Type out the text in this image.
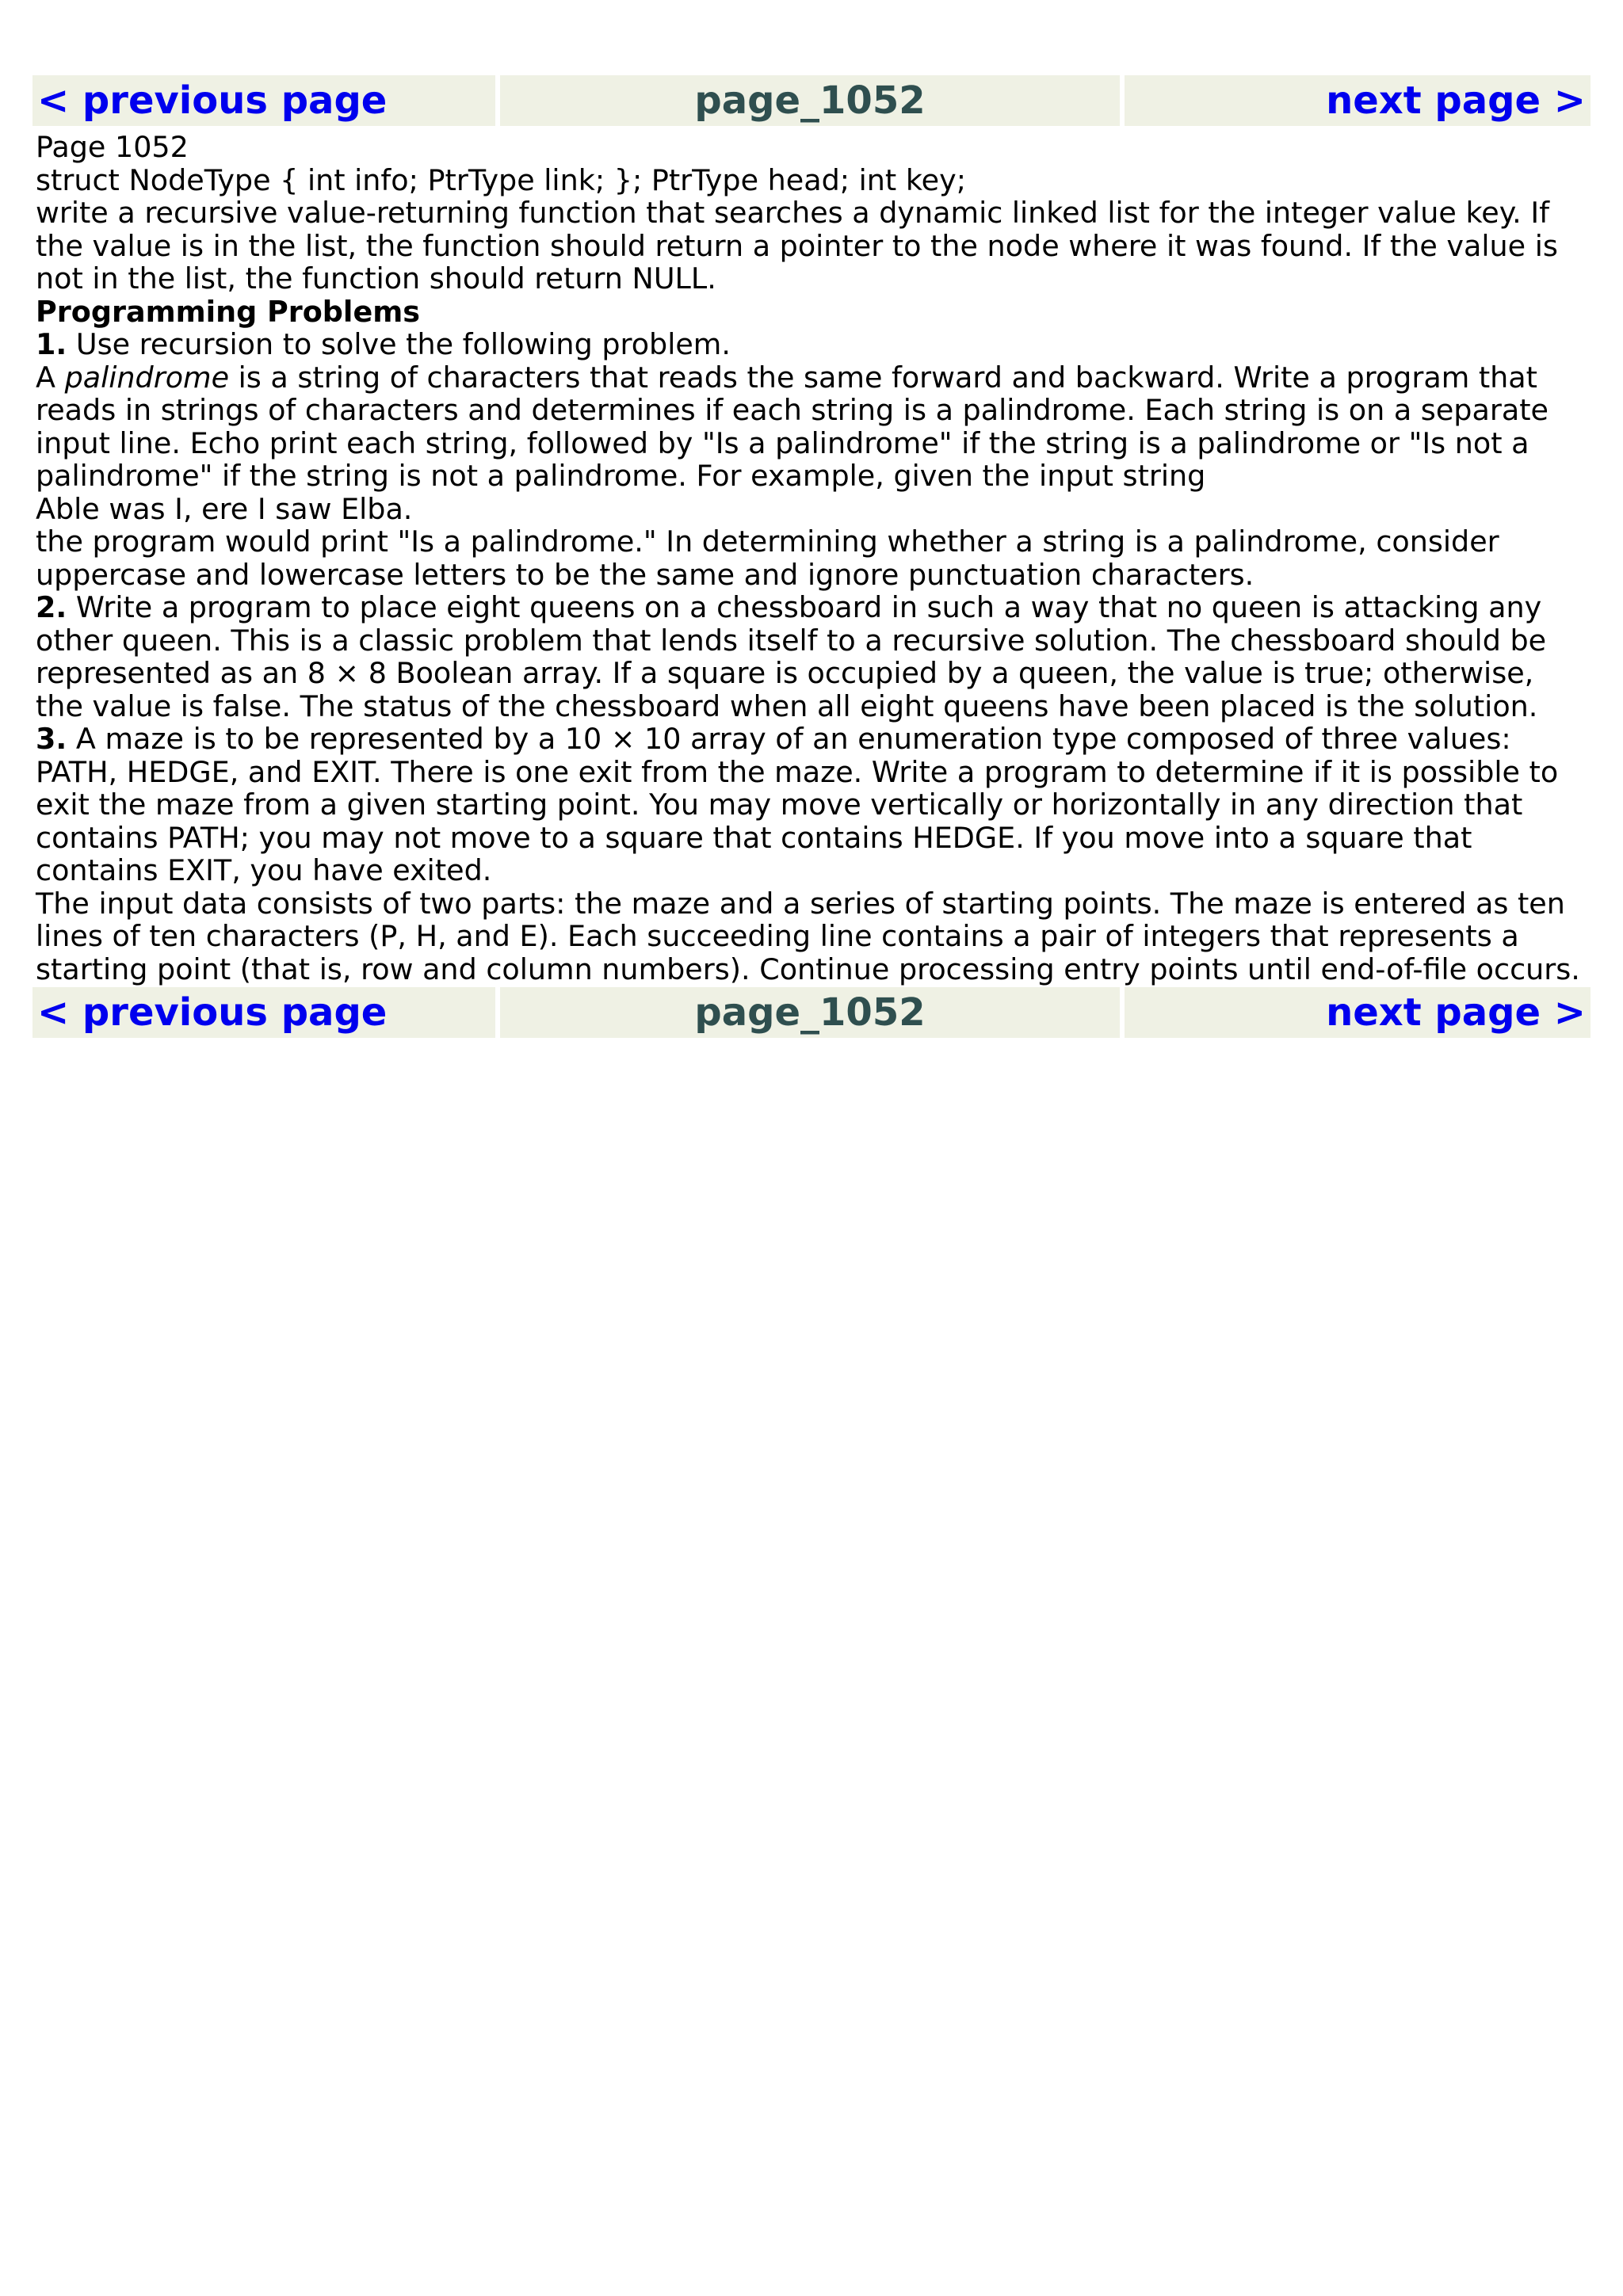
< previous page	page_1052	next page >

Page 1052

struct NodeType { int info; PtrType link; }; PtrType head; int key;

write a recursive value-returning function that searches a dynamic linked list for the integer value key. If the value is in the list, the function should return a pointer to the node where it was found. If the value is not in the list, the function should return NULL.

Programming Problems

1. Use recursion to solve the following problem.

A palindrome is a string of characters that reads the same forward and backward. Write a program that reads in strings of characters and determines if each string is a palindrome. Each string is on a separate input line. Echo print each string, followed by "Is a palindrome" if the string is a palindrome or "Is not a palindrome" if the string is not a palindrome. For example, given the input string

Able was I, ere I saw Elba.

the program would print "Is a palindrome." In determining whether a string is a palindrome, consider uppercase and lowercase letters to be the same and ignore punctuation characters.

2. Write a program to place eight queens on a chessboard in such a way that no queen is attacking any other queen. This is a classic problem that lends itself to a recursive solution. The chessboard should be represented as an 8 × 8 Boolean array. If a square is occupied by a queen, the value is true; otherwise, the value is false. The status of the chessboard when all eight queens have been placed is the solution.

3. A maze is to be represented by a 10 × 10 array of an enumeration type composed of three values: PATH, HEDGE, and EXIT. There is one exit from the maze. Write a program to determine if it is possible to exit the maze from a given starting point. You may move vertically or horizontally in any direction that contains PATH; you may not move to a square that contains HEDGE. If you move into a square that contains EXIT, you have exited.

The input data consists of two parts: the maze and a series of starting points. The maze is entered as ten lines of ten characters (P, H, and E). Each succeeding line contains a pair of integers that represents a starting point (that is, row and column numbers). Continue processing entry points until end-of-file occurs.

< previous page	page_1052	next page >
